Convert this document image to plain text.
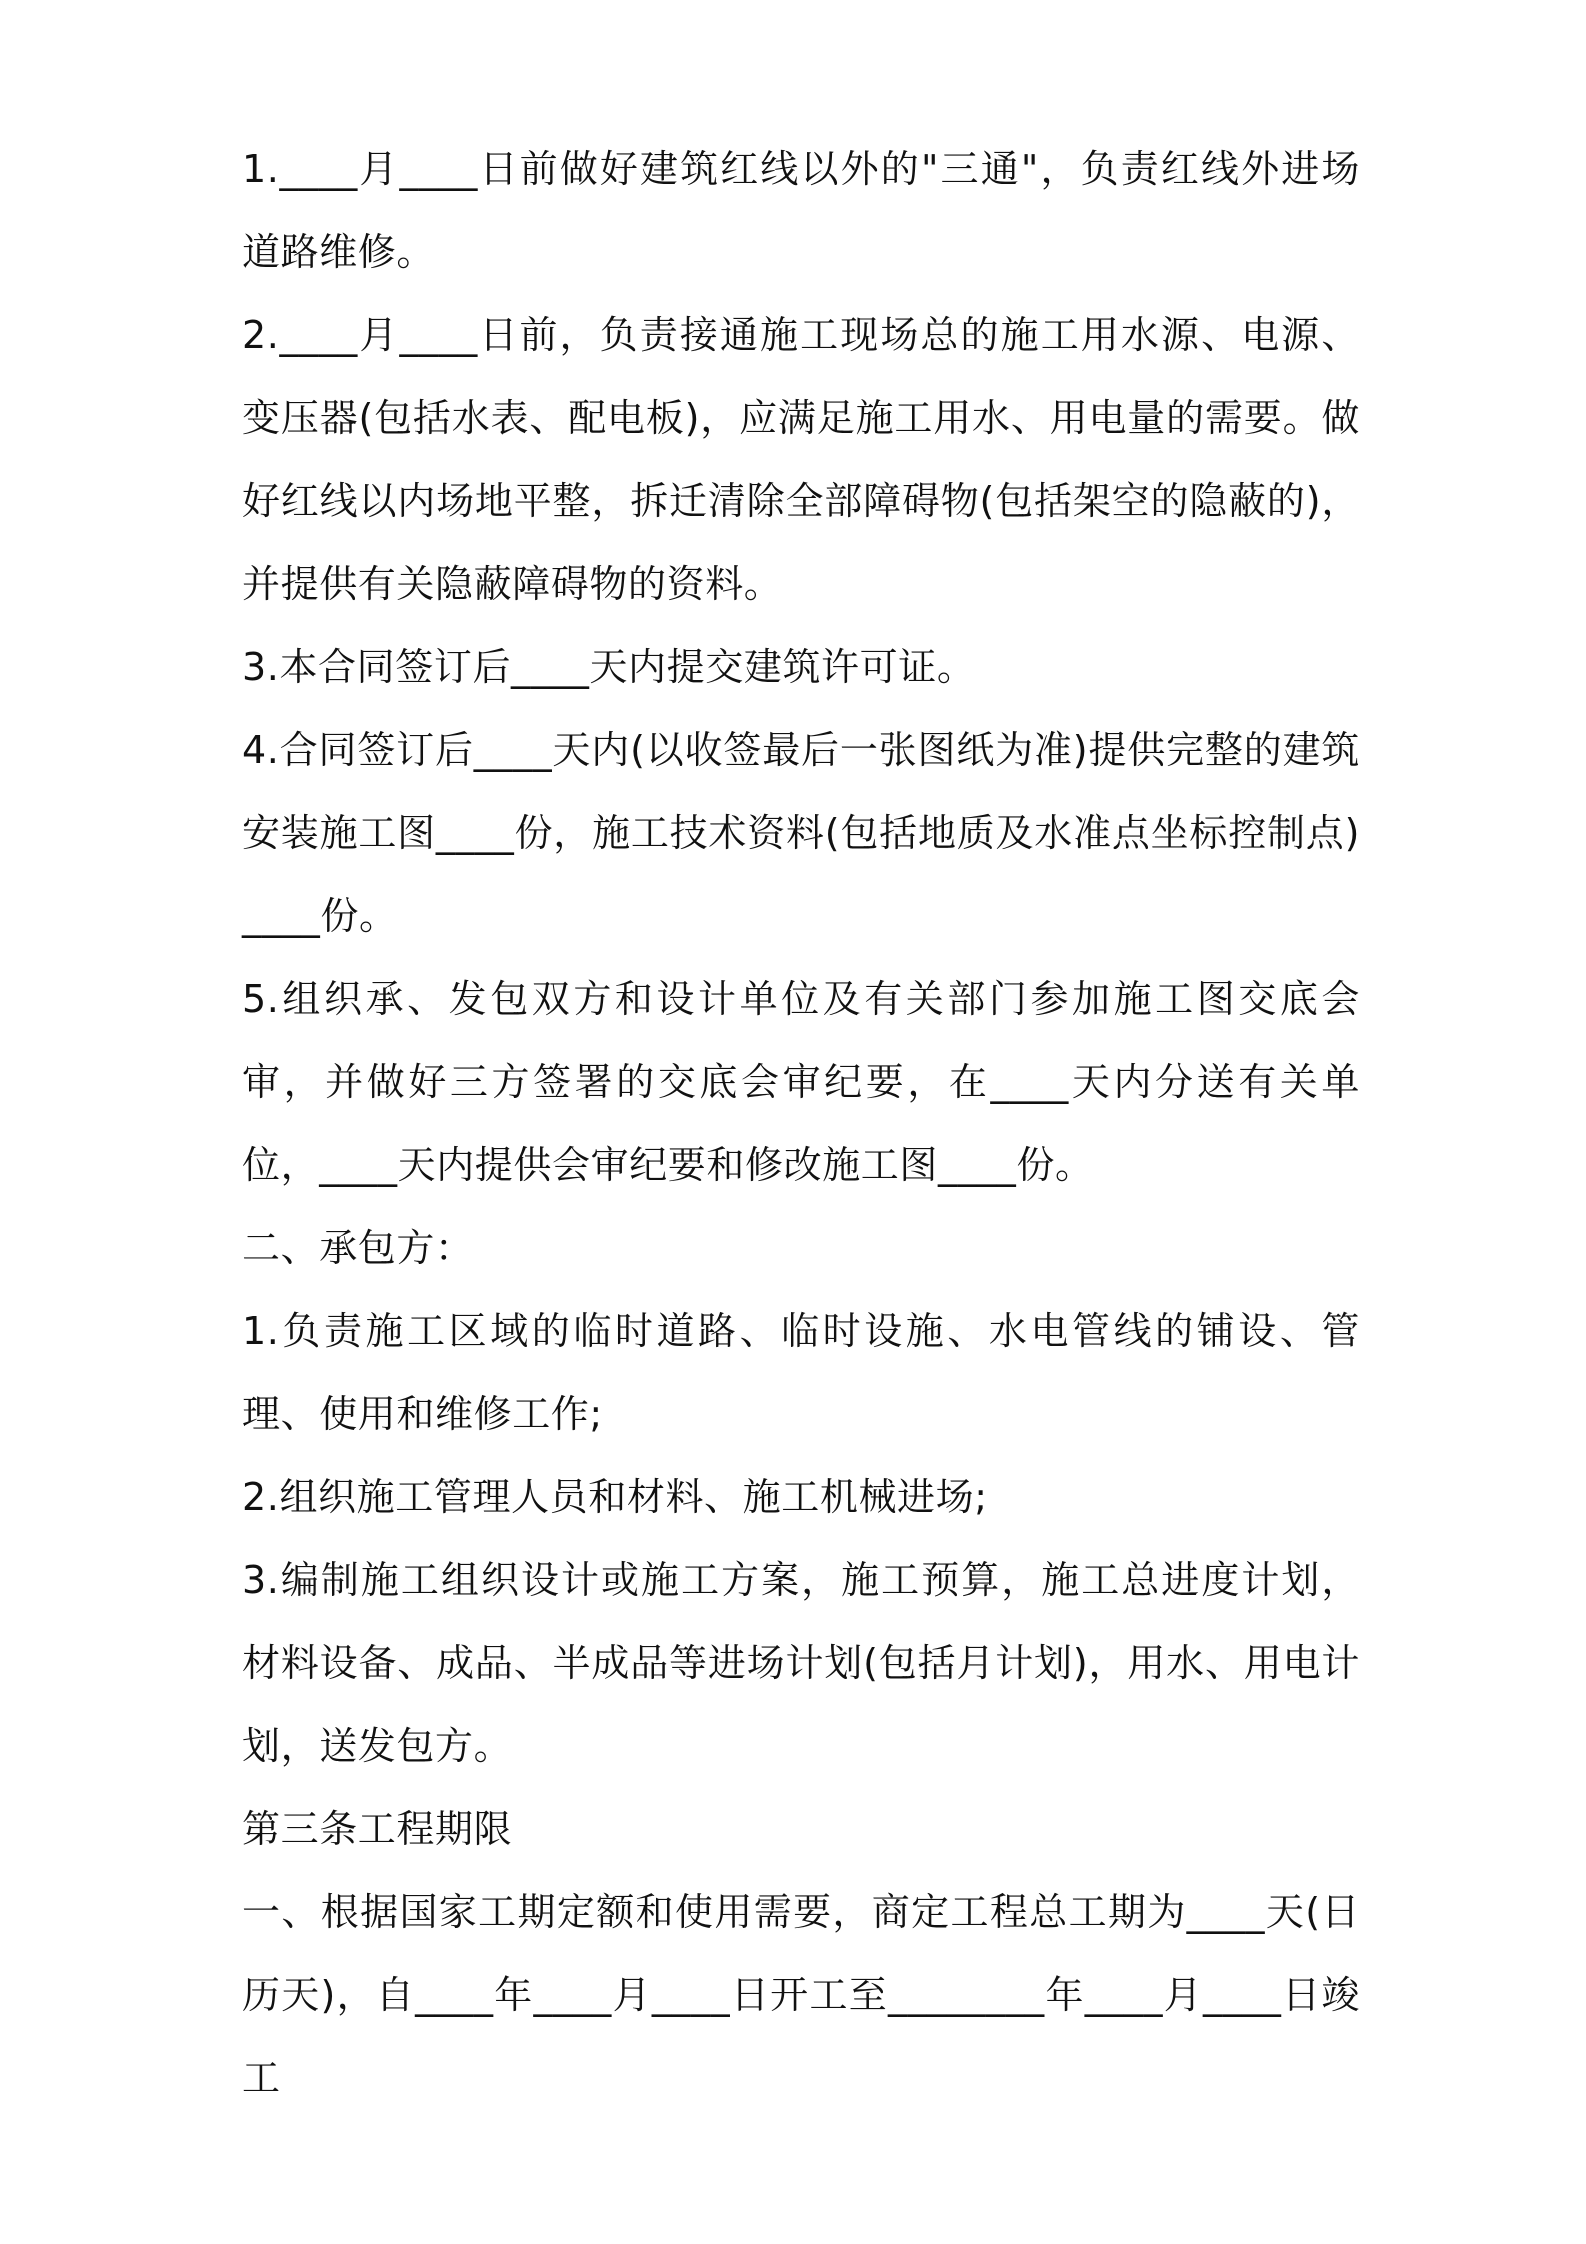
1.____月____日前做好建筑红线以外的"三通"，负责红线外进场道路维修。

2.____月____日前，负责接通施工现场总的施工用水源、电源、变压器(包括水表、配电板)，应满足施工用水、用电量的需要。做好红线以内场地平整，拆迁清除全部障碍物(包括架空的隐蔽的)，并提供有关隐蔽障碍物的资料。

3.本合同签订后____天内提交建筑许可证。

4.合同签订后____天内(以收签最后一张图纸为准)提供完整的建筑安装施工图____份，施工技术资料(包括地质及水准点坐标控制点)____份。

5.组织承、发包双方和设计单位及有关部门参加施工图交底会审，并做好三方签署的交底会审纪要，在____天内分送有关单位，____天内提供会审纪要和修改施工图____份。

二、承包方：

1.负责施工区域的临时道路、临时设施、水电管线的铺设、管理、使用和维修工作;

2.组织施工管理人员和材料、施工机械进场;

3.编制施工组织设计或施工方案，施工预算，施工总进度计划，材料设备、成品、半成品等进场计划(包括月计划)，用水、用电计划，送发包方。

第三条工程期限

一、根据国家工期定额和使用需要，商定工程总工期为____天(日历天)，自____年____月____日开工至________年____月____日竣工
